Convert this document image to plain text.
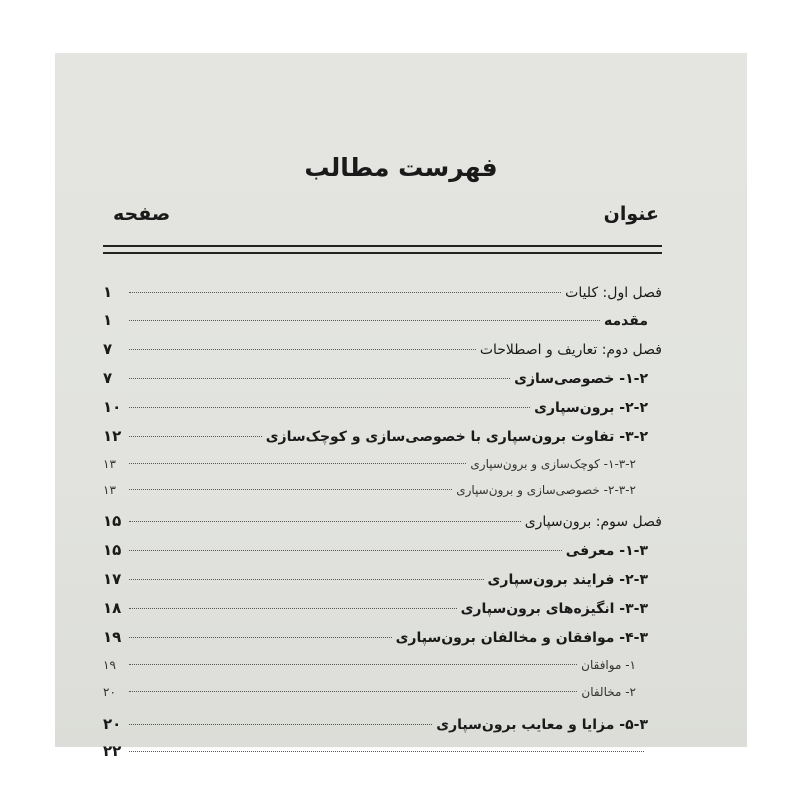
فهرست مطالب
عنوان
صفحه
فصل اول: کلیات
۱
مقدمه
۱
فصل دوم: تعاریف و اصطلاحات
۷
۱-۲- خصوصی‌سازی
۷
۲-۲- برون‌سپاری
۱۰
۳-۲- تفاوت برون‌سپاری با خصوصی‌سازی و کوچک‌سازی
۱۲
۱-۳-۲- کوچک‌سازی و برون‌سپاری
۱۳
۲-۳-۲- خصوصی‌سازی و برون‌سپاری
۱۳
فصل سوم: برون‌سپاری
۱۵
۱-۳- معرفی
۱۵
۲-۳- فرایند برون‌سپاری
۱۷
۳-۳- انگیزه‌های برون‌سپاری
۱۸
۴-۳- موافقان و مخالفان برون‌سپاری
۱۹
۱- موافقان
۱۹
۲- مخالفان
۲۰
۵-۳- مزایا و معایب برون‌سپاری
۲۰
۲۲
